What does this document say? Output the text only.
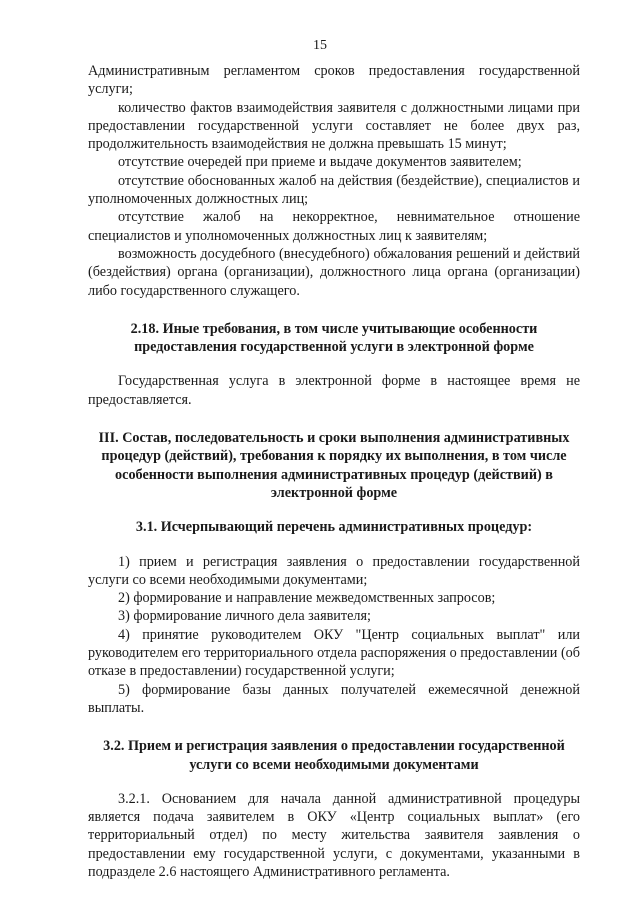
15

Административным регламентом сроков предоставления государственной услуги;

количество фактов взаимодействия заявителя с должностными лицами при предоставлении государственной услуги составляет не более двух раз, продолжительность взаимодействия не должна превышать 15 минут;

отсутствие очередей при приеме и выдаче документов заявителем;

отсутствие обоснованных жалоб на действия (бездействие), специалистов и уполномоченных должностных лиц;

отсутствие жалоб на некорректное, невнимательное отношение специалистов и уполномоченных должностных лиц к заявителям;

возможность досудебного (внесудебного) обжалования решений и действий (бездействия) органа (организации), должностного лица органа (организации) либо государственного служащего.

2.18. Иные требования, в том числе учитывающие особенности предоставления государственной услуги в электронной форме

Государственная услуга в электронной форме в настоящее время не предоставляется.

III. Состав, последовательность и сроки выполнения административных процедур (действий), требования к порядку их выполнения, в том числе особенности выполнения административных процедур (действий) в электронной форме

3.1. Исчерпывающий перечень административных процедур:

1) прием и регистрация заявления о предоставлении государственной услуги со всеми необходимыми документами;

2) формирование и направление межведомственных запросов;

3) формирование личного дела заявителя;

4) принятие руководителем ОКУ "Центр социальных выплат" или руководителем его территориального отдела распоряжения о предоставлении (об отказе в предоставлении) государственной услуги;

5) формирование базы данных получателей ежемесячной денежной выплаты.

3.2. Прием и регистрация заявления о предоставлении государственной услуги со всеми необходимыми документами

3.2.1. Основанием для начала данной административной процедуры является подача заявителем в ОКУ «Центр социальных выплат» (его территориальный отдел) по месту жительства заявителя заявления о предоставлении ему государственной услуги, с документами, указанными в подразделе 2.6 настоящего Административного регламента.
